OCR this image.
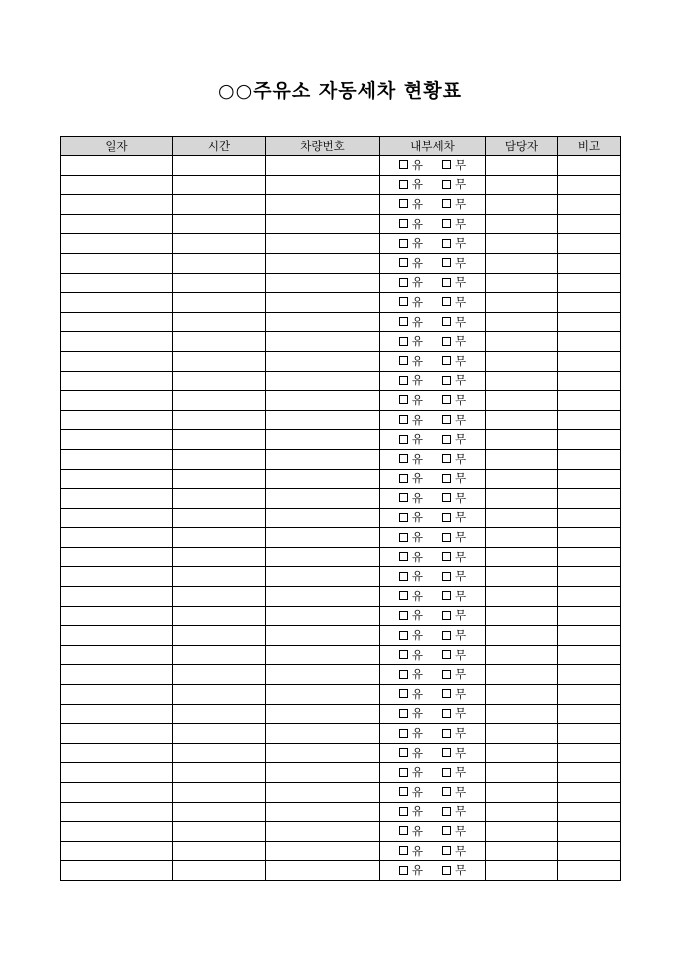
○○주유소 자동세차 현황표
일자	시간	차량번호	내부세차	담당자	비고

			유 무		

			유 무		

			유 무		

			유 무		

			유 무		

			유 무		

			유 무		

			유 무		

			유 무		

			유 무		

			유 무		

			유 무		

			유 무		

			유 무		

			유 무		

			유 무		

			유 무		

			유 무		

			유 무		

			유 무		

			유 무		

			유 무		

			유 무		

			유 무		

			유 무		

			유 무		

			유 무		

			유 무		

			유 무		

			유 무		

			유 무		

			유 무		

			유 무		

			유 무		

			유 무		

			유 무		

			유 무		
